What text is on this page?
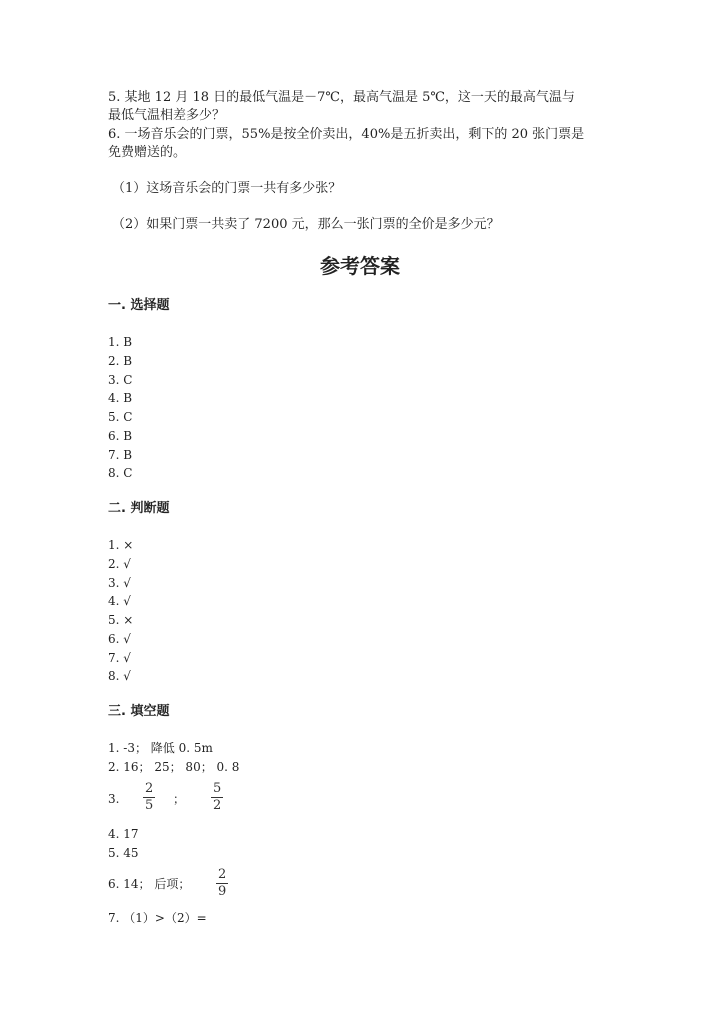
5. 某地 12 月 18 日的最低气温是－7℃，最高气温是 5℃，这一天的最高气温与
最低气温相差多少？
6. 一场音乐会的门票，55%是按全价卖出，40%是五折卖出，剩下的 20 张门票是
免费赠送的。
（1）这场音乐会的门票一共有多少张？
（2）如果门票一共卖了 7200 元，那么一张门票的全价是多少元？
参考答案
一. 选择题
1. B
2. B
3. C
4. B
5. C
6. B
7. B
8. C
二. 判断题
1. ×
2. √
3. √
4. √
5. ×
6. √
7. √
8. √
三. 填空题
1. -3； 降低 0. 5m
2. 16； 25； 80； 0. 8
3.
2
5 ；
5
2
4. 17
5. 45
6. 14； 后项；
2
9
7. （1）>（2）=
